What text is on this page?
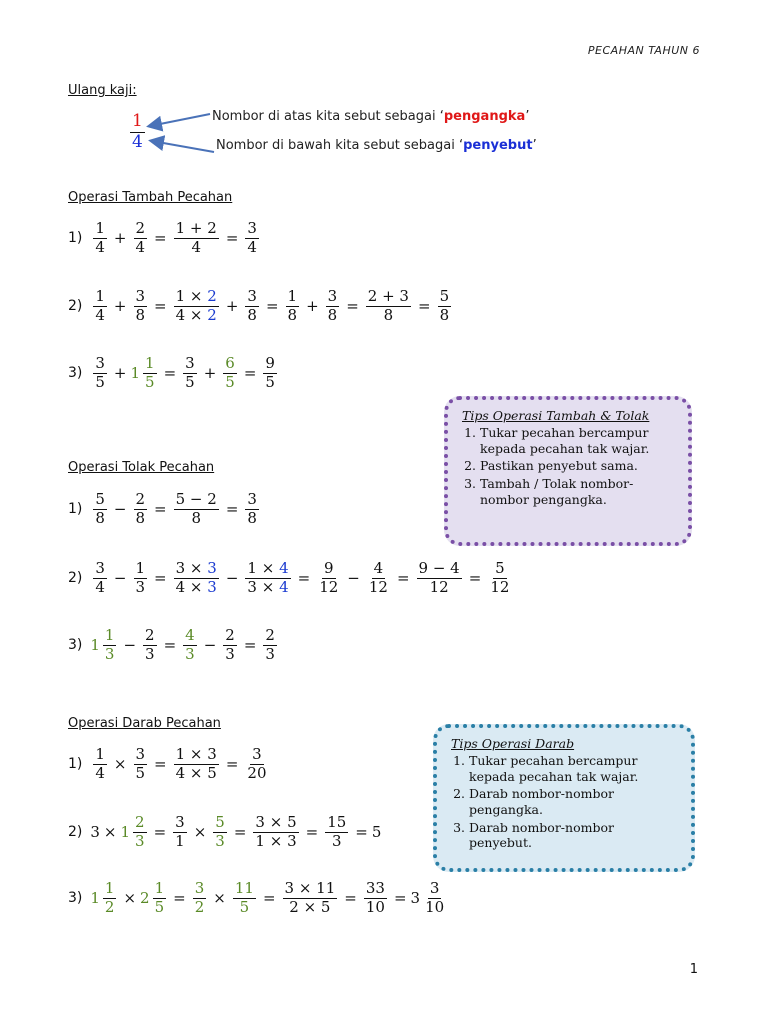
PECAHAN TAHUN 6
Ulang kaji:
$\frac{1}{4}$	Nombor di atas kita sebut sebagai ‘pengangka’
Nombor di bawah kita sebut sebagai ‘penyebut’
Operasi Tambah Pecahan
Operasi Tolak Pecahan
Operasi Darab Pecahan
$1) \frac{1}{4} + \frac{2}{4} = \frac{1 + 2}{4} = \frac{3}{4}$
$2) \frac{1}{4} + \frac{3}{8} = \frac{1 \times 2}{4 \times 2} + \frac{3}{8} = \frac{1}{8} + \frac{3}{8} = \frac{2 + 3}{8} = \frac{5}{8}$
$3) \frac{3}{5} + 1 \frac{1}{5} = \frac{3}{5} + \frac{6}{5} = \frac{9}{5}$
$1) \frac{5}{8} - \frac{2}{8} = \frac{5 - 2}{8} = \frac{3}{8}$
$2) \frac{3}{4} - \frac{1}{3} = \frac{3 \times 3}{4 \times 3} - \frac{1 \times 4}{3 \times 4} = \frac{9}{12} - \frac{4}{12} = \frac{9 - 4}{12} = \frac{5}{12}$
3) $1 \frac{1}{3} - \frac{2}{3} = \frac{4}{3} - \frac{2}{3} = \frac{2}{3}$
$1) \frac{1}{4} \times \frac{3}{5} = \frac{1 \times 3}{4 \times 5} = \frac{3}{20}$
2) $3 \times 1 \frac{2}{3} = \frac{3}{1} \times \frac{5}{3} = \frac{3 \times 5}{1 \times 3} = \frac{15}{3} = 5$
3) $1 \frac{1}{2} \times 2 \frac{1}{5} = \frac{3}{2} \times \frac{11}{5} = \frac{3 \times 11}{2 \times 5} = \frac{33}{10} = 3 \frac{3}{10}$
Tips Operasi Tambah & Tolak
1. Tukar pecahan bercampur kepada pecahan tak wajar.
2. Pastikan penyebut sama.
3. Tambah / Tolak nombor-nombor pengangka.
Tips Operasi Darab
1. Tukar pecahan bercampur kepada pecahan tak wajar.
2. Darab nombor-nombor pengangka.
3. Darab nombor-nombor penyebut.
1
